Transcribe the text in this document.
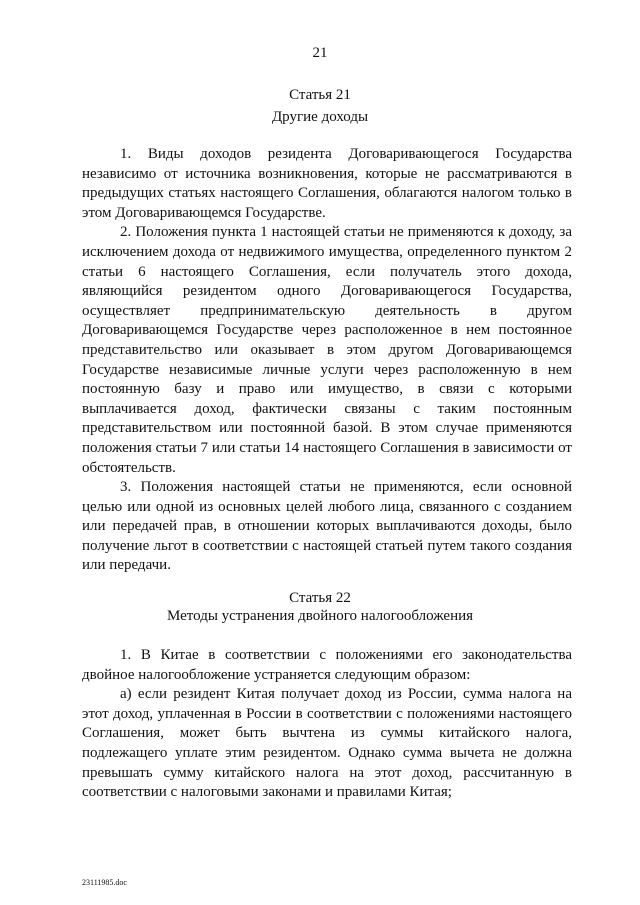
21
Статья 21
Другие доходы

1. Виды доходов резидента Договаривающегося Государства независимо от источника возникновения, которые не рассматриваются в предыдущих статьях настоящего Соглашения, облагаются налогом только в этом Договаривающемся Государстве.

2. Положения пункта 1 настоящей статьи не применяются к доходу, за исключением дохода от недвижимого имущества, определенного пунктом 2 статьи 6 настоящего Соглашения, если получатель этого дохода, являющийся резидентом одного Договаривающегося Государства, осуществляет предпринимательскую деятельность в другом Договаривающемся Государстве через расположенное в нем постоянное представительство или оказывает в этом другом Договаривающемся Государстве независимые личные услуги через расположенную в нем постоянную базу и право или имущество, в связи с которыми выплачивается доход, фактически связаны с таким постоянным представительством или постоянной базой. В этом случае применяются положения статьи 7 или статьи 14 настоящего Соглашения в зависимости от обстоятельств.

3. Положения настоящей статьи не применяются, если основной целью или одной из основных целей любого лица, связанного с созданием или передачей прав, в отношении которых выплачиваются доходы, было получение льгот в соответствии с настоящей статьей путем такого создания или передачи.

Статья 22
Методы устранения двойного налогообложения

1. В Китае в соответствии с положениями его законодательства двойное налогообложение устраняется следующим образом:

а) если резидент Китая получает доход из России, сумма налога на этот доход, уплаченная в России в соответствии с положениями настоящего Соглашения, может быть вычтена из суммы китайского налога, подлежащего уплате этим резидентом. Однако сумма вычета не должна превышать сумму китайского налога на этот доход, рассчитанную в соответствии с налоговыми законами и правилами Китая;

23111985.doc
